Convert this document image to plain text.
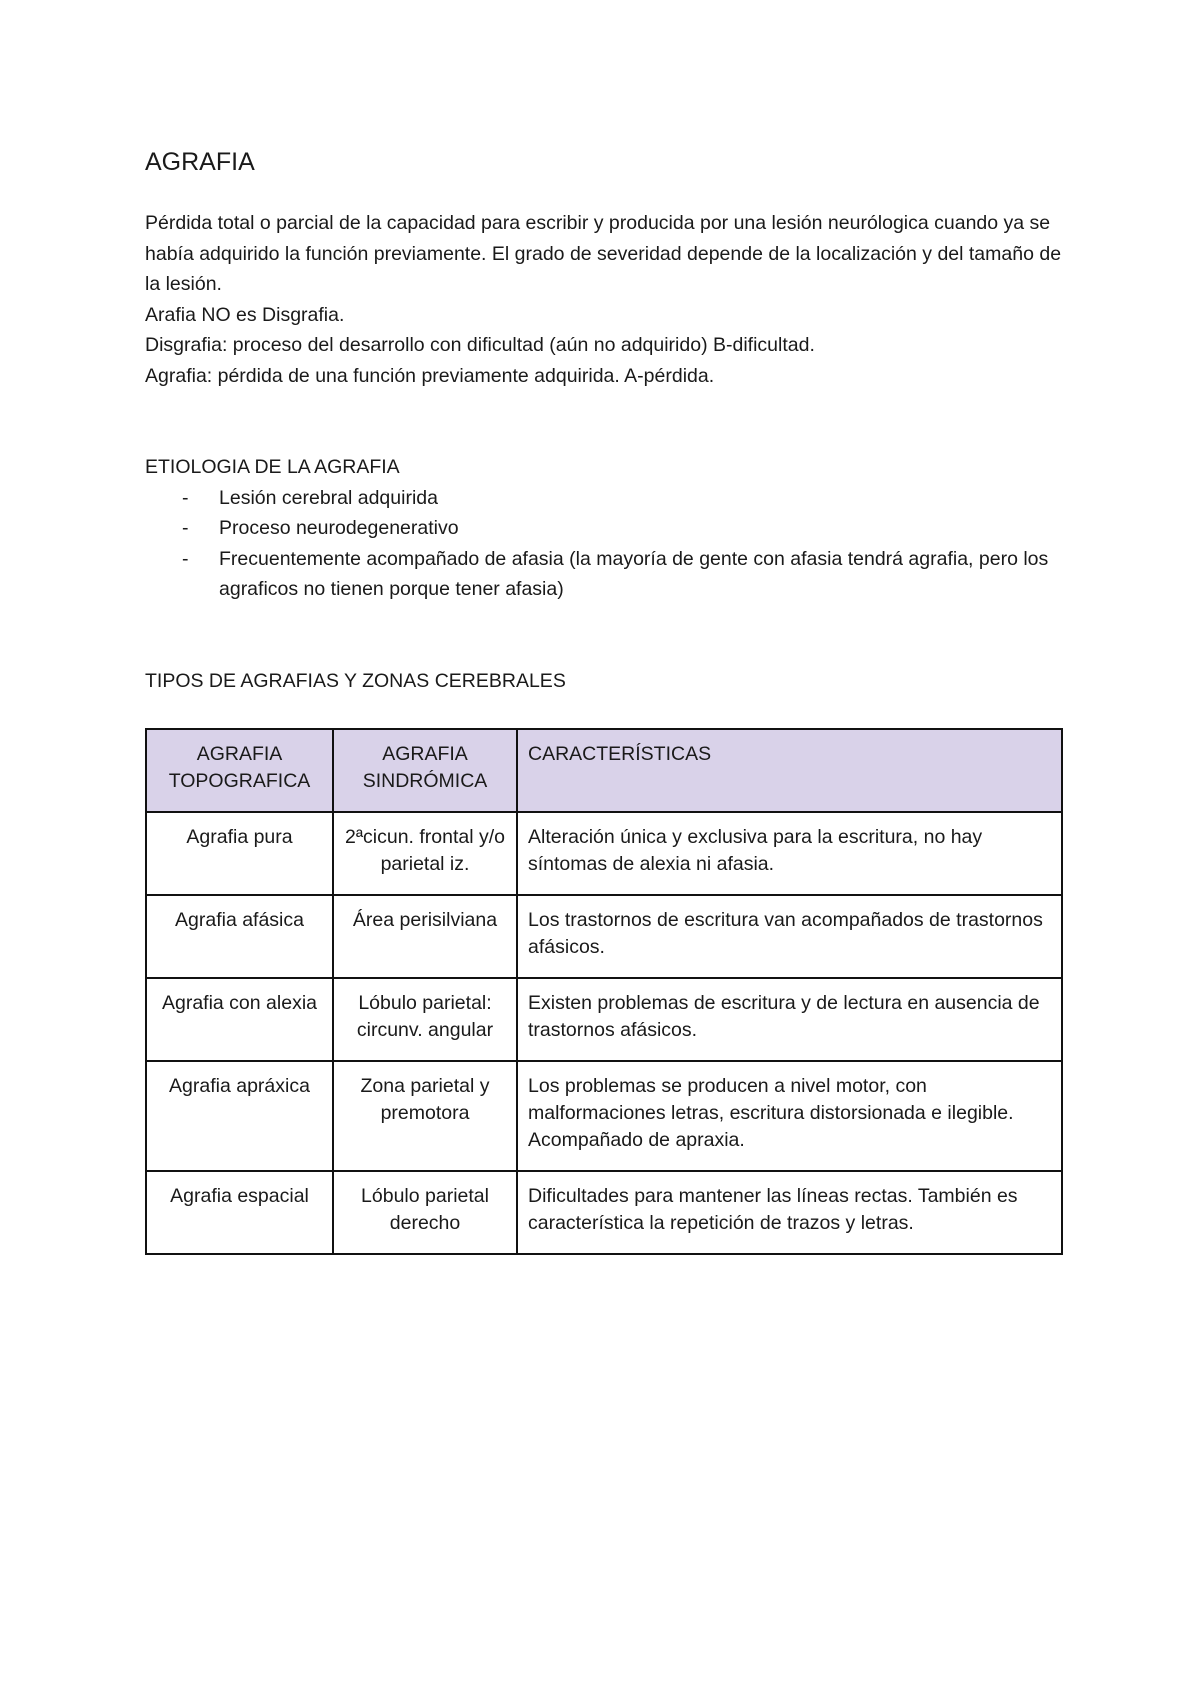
AGRAFIA

Pérdida total o parcial de la capacidad para escribir y producida por una lesión neurólogica cuando ya se había adquirido la función previamente. El grado de severidad depende de la localización y del tamaño de la lesión.

Arafia NO es Disgrafia.

Disgrafia: proceso del desarrollo con dificultad (aún no adquirido) B-dificultad.

Agrafia: pérdida de una función previamente adquirida. A-pérdida.

ETIOLOGIA DE LA AGRAFIA

- Lesión cerebral adquirida
- Proceso neurodegenerativo
- Frecuentemente acompañado de afasia (la mayoría de gente con afasia tendrá agrafia, pero los agraficos no tienen porque tener afasia)

TIPOS DE AGRAFIAS Y ZONAS CEREBRALES

AGRAFIA TOPOGRAFICA	AGRAFIA SINDRÓMICA	CARACTERÍSTICAS
Agrafia pura	2ªcicun. frontal y/o parietal iz.	Alteración única y exclusiva para la escritura, no hay síntomas de alexia ni afasia.
Agrafia afásica	Área perisilviana	Los trastornos de escritura van acompañados de trastornos afásicos.
Agrafia con alexia	Lóbulo parietal: circunv. angular	Existen problemas de escritura y de lectura en ausencia de trastornos afásicos.
Agrafia apráxica	Zona parietal y premotora	Los problemas se producen a nivel motor, con malformaciones letras, escritura distorsionada e ilegible. Acompañado de apraxia.
Agrafia espacial	Lóbulo parietal derecho	Dificultades para mantener las líneas rectas. También es característica la repetición de trazos y letras.
